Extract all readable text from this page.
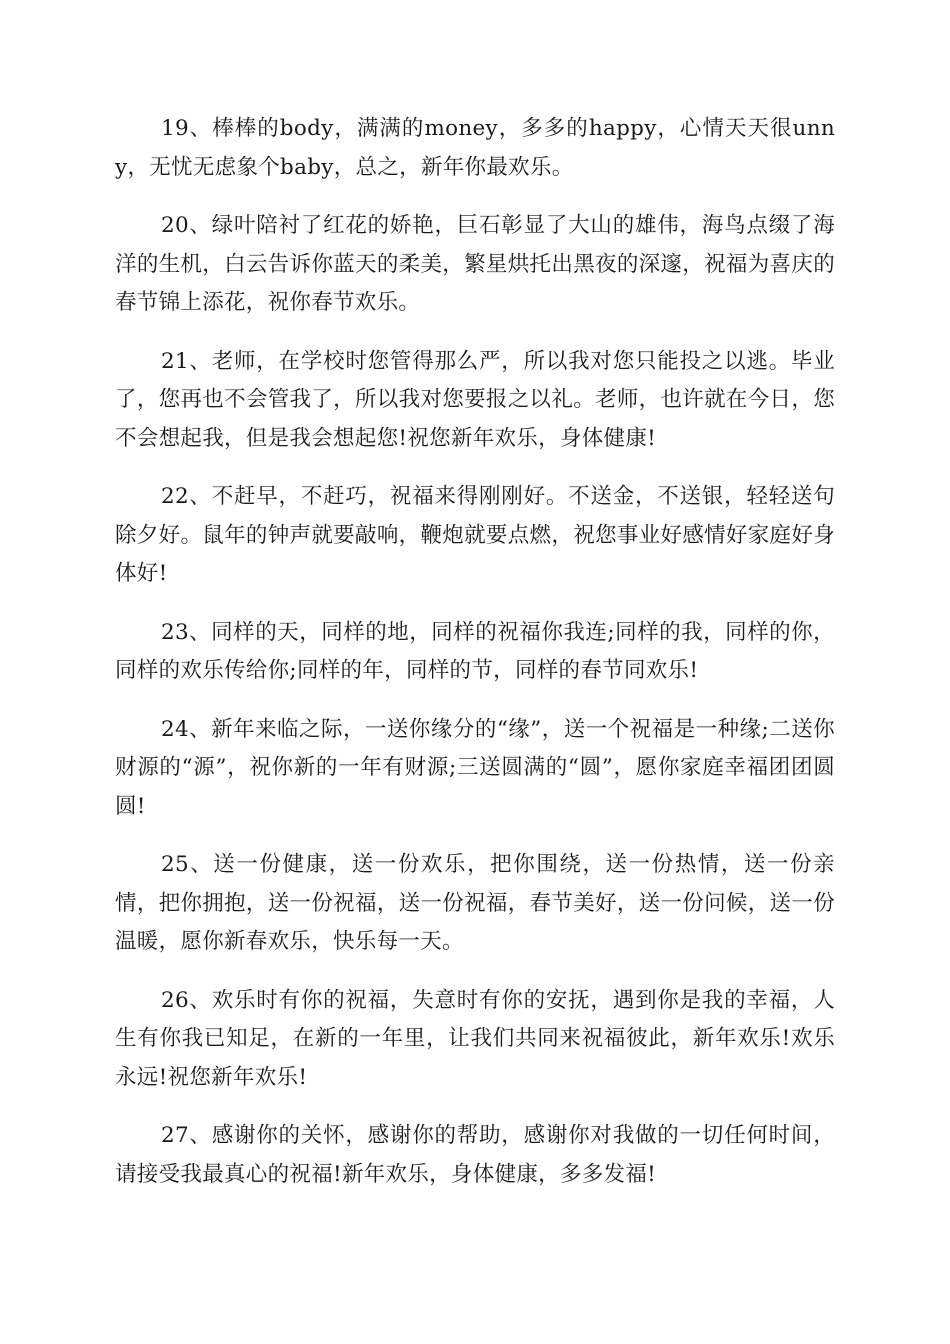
19、棒棒的body，满满的money，多多的happy，心情天天很unny，无忧无虑象个baby，总之，新年你最欢乐。

20、绿叶陪衬了红花的娇艳，巨石彰显了大山的雄伟，海鸟点缀了海洋的生机，白云告诉你蓝天的柔美，繁星烘托出黑夜的深邃，祝福为喜庆的春节锦上添花，祝你春节欢乐。

21、老师，在学校时您管得那么严，所以我对您只能投之以逃。毕业了，您再也不会管我了，所以我对您要报之以礼。老师，也许就在今日，您不会想起我，但是我会想起您!祝您新年欢乐，身体健康!

22、不赶早，不赶巧，祝福来得刚刚好。不送金，不送银，轻轻送句除夕好。鼠年的钟声就要敲响，鞭炮就要点燃，祝您事业好感情好家庭好身体好!

23、同样的天，同样的地，同样的祝福你我连;同样的我，同样的你，同样的欢乐传给你;同样的年，同样的节，同样的春节同欢乐!

24、新年来临之际，一送你缘分的“缘”，送一个祝福是一种缘;二送你财源的“源”，祝你新的一年有财源;三送圆满的“圆”，愿你家庭幸福团团圆圆!

25、送一份健康，送一份欢乐，把你围绕，送一份热情，送一份亲情，把你拥抱，送一份祝福，送一份祝福，春节美好，送一份问候，送一份温暖，愿你新春欢乐，快乐每一天。

26、欢乐时有你的祝福，失意时有你的安抚，遇到你是我的幸福，人生有你我已知足，在新的一年里，让我们共同来祝福彼此，新年欢乐!欢乐永远!祝您新年欢乐!

27、感谢你的关怀，感谢你的帮助，感谢你对我做的一切任何时间，请接受我最真心的祝福!新年欢乐，身体健康，多多发福!
